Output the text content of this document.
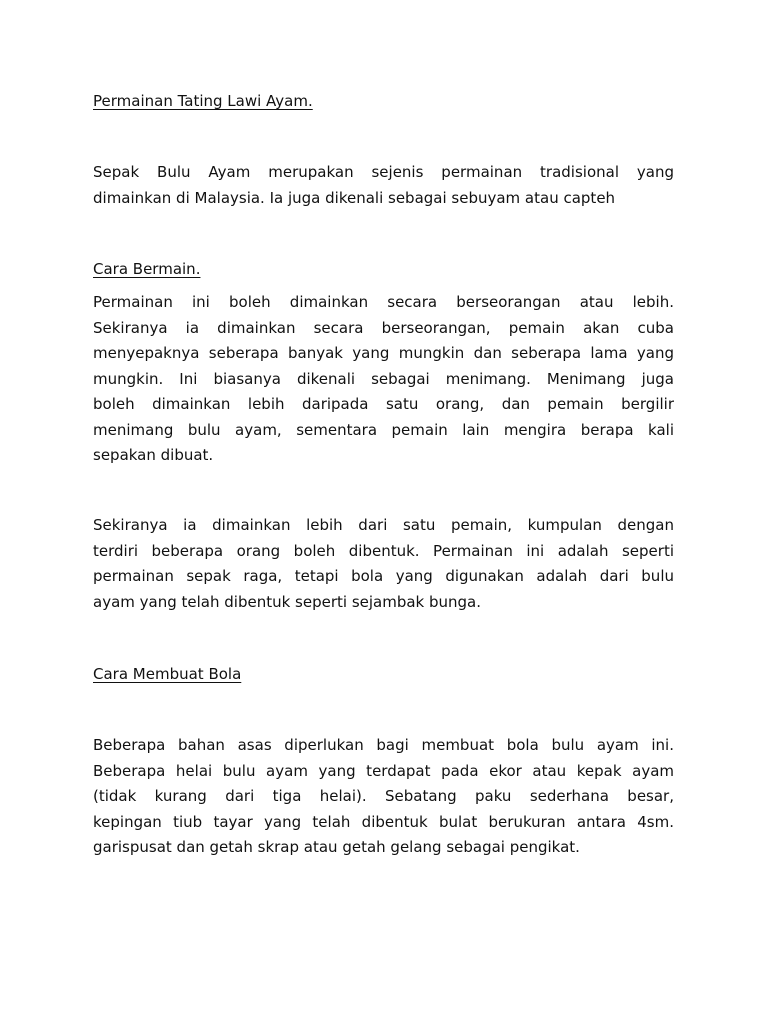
Permainan Tating Lawi Ayam.
Sepak Bulu Ayam merupakan sejenis permainan tradisional yang
dimainkan di Malaysia. Ia juga dikenali sebagai sebuyam atau capteh
Cara Bermain.
Permainan ini boleh dimainkan secara berseorangan atau lebih.
Sekiranya ia dimainkan secara berseorangan, pemain akan cuba
menyepaknya seberapa banyak yang mungkin dan seberapa lama yang
mungkin. Ini biasanya dikenali sebagai menimang. Menimang juga
boleh dimainkan lebih daripada satu orang, dan pemain bergilir
menimang bulu ayam, sementara pemain lain mengira berapa kali
sepakan dibuat.
Sekiranya ia dimainkan lebih dari satu pemain, kumpulan dengan
terdiri beberapa orang boleh dibentuk. Permainan ini adalah seperti
permainan sepak raga, tetapi bola yang digunakan adalah dari bulu
ayam yang telah dibentuk seperti sejambak bunga.
Cara Membuat Bola
Beberapa bahan asas diperlukan bagi membuat bola bulu ayam ini.
Beberapa helai bulu ayam yang terdapat pada ekor atau kepak ayam
(tidak kurang dari tiga helai). Sebatang paku sederhana besar,
kepingan tiub tayar yang telah dibentuk bulat berukuran antara 4sm.
garispusat dan getah skrap atau getah gelang sebagai pengikat.
